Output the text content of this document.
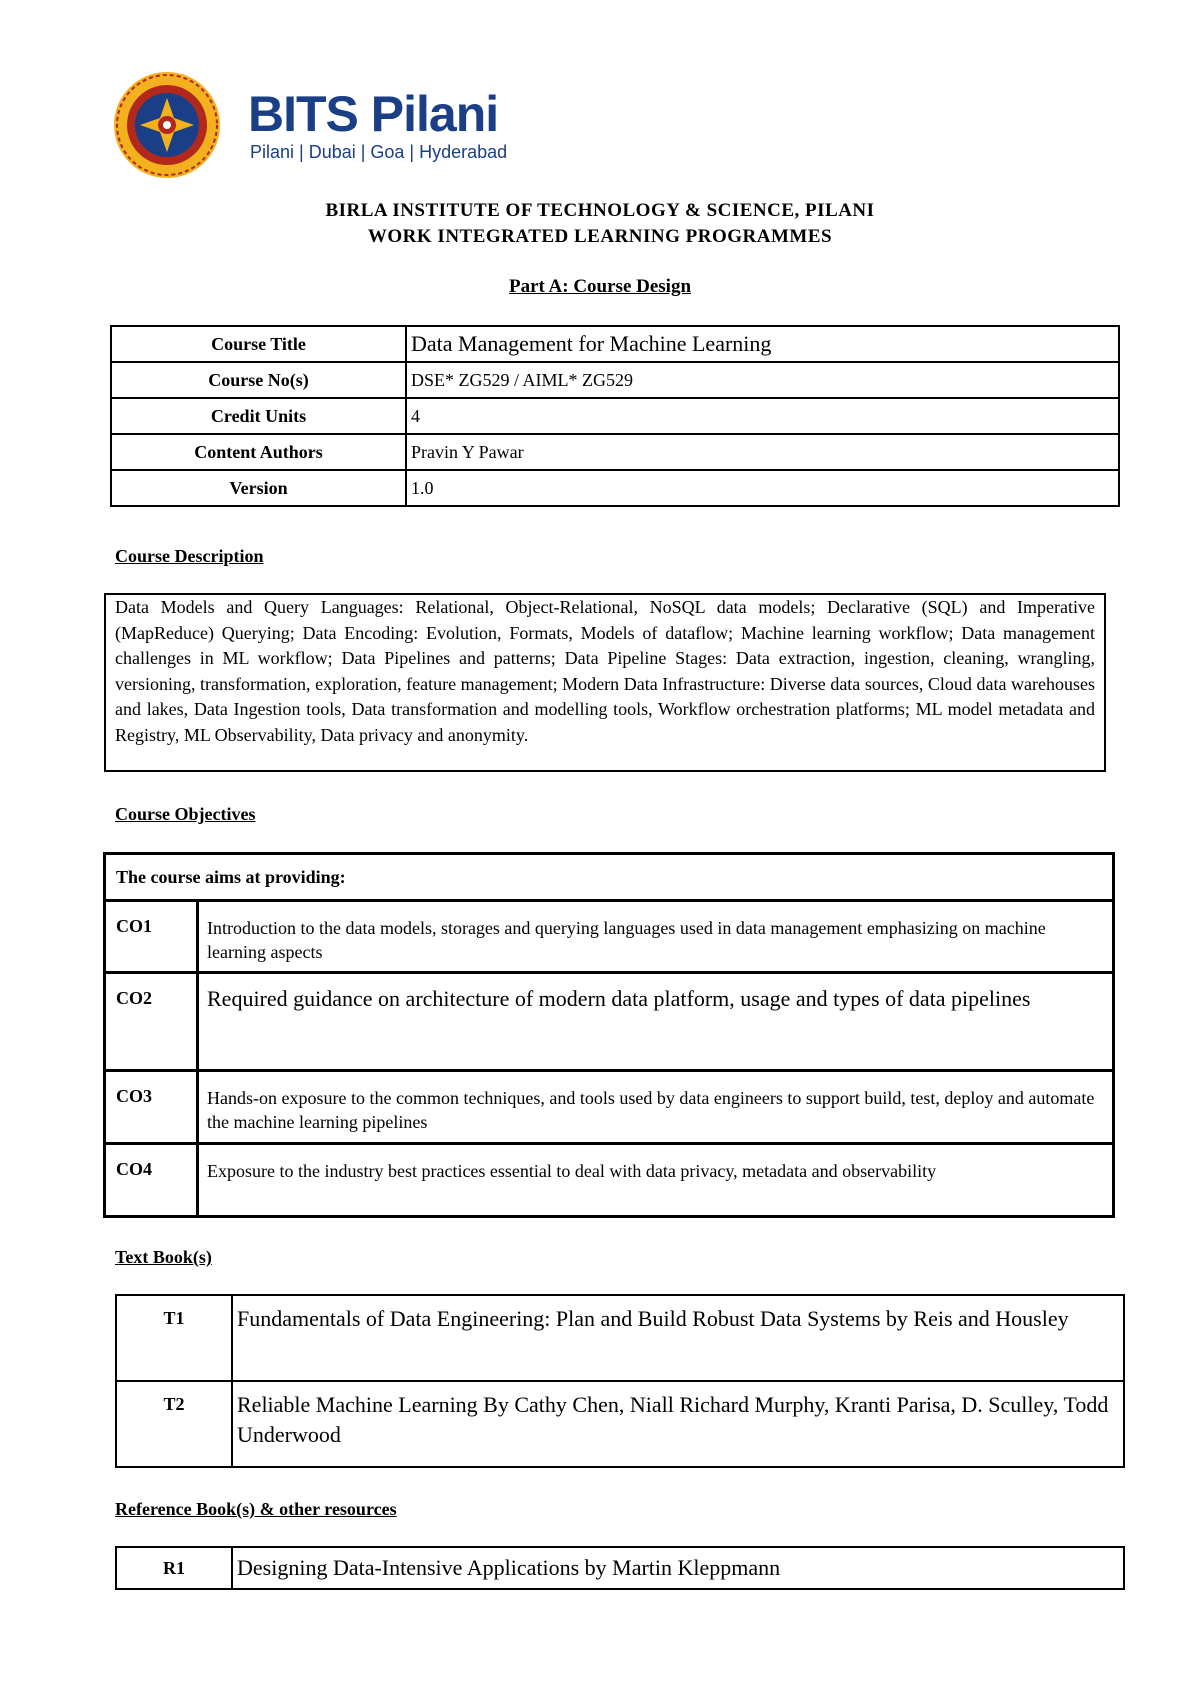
BITS Pilani
Pilani | Dubai | Goa | Hyderabad
BIRLA INSTITUTE OF TECHNOLOGY & SCIENCE, PILANI
WORK INTEGRATED LEARNING PROGRAMMES
Part A: Course Design
Course Title	Data Management for Machine Learning
Course No(s)	DSE* ZG529 / AIML* ZG529
Credit Units	4
Content Authors	Pravin Y Pawar
Version	1.0
Course Description
Data Models and Query Languages: Relational, Object-Relational, NoSQL data models; Declarative (SQL) and Imperative (MapReduce) Querying; Data Encoding: Evolution, Formats, Models of dataflow; Machine learning workflow; Data management challenges in ML workflow; Data Pipelines and patterns; Data Pipeline Stages: Data extraction, ingestion, cleaning, wrangling, versioning, transformation, exploration, feature management; Modern Data Infrastructure: Diverse data sources, Cloud data warehouses and lakes, Data Ingestion tools, Data transformation and modelling tools, Workflow orchestration platforms; ML model metadata and Registry, ML Observability, Data privacy and anonymity.
Course Objectives
The course aims at providing:	
CO1	Introduction to the data models, storages and querying languages used in data management emphasizing on machine learning aspects
CO2	Required guidance on architecture of modern data platform, usage and types of data pipelines
CO3	Hands-on exposure to the common techniques, and tools used by data engineers to support build, test, deploy and automate the machine learning pipelines
CO4	Exposure to the industry best practices essential to deal with data privacy, metadata and observability
Text Book(s)
T1	Fundamentals of Data Engineering: Plan and Build Robust Data Systems by Reis and Housley
T2	Reliable Machine Learning By Cathy Chen, Niall Richard Murphy, Kranti Parisa, D. Sculley, Todd Underwood
Reference Book(s) & other resources
R1	Designing Data-Intensive Applications by Martin Kleppmann
